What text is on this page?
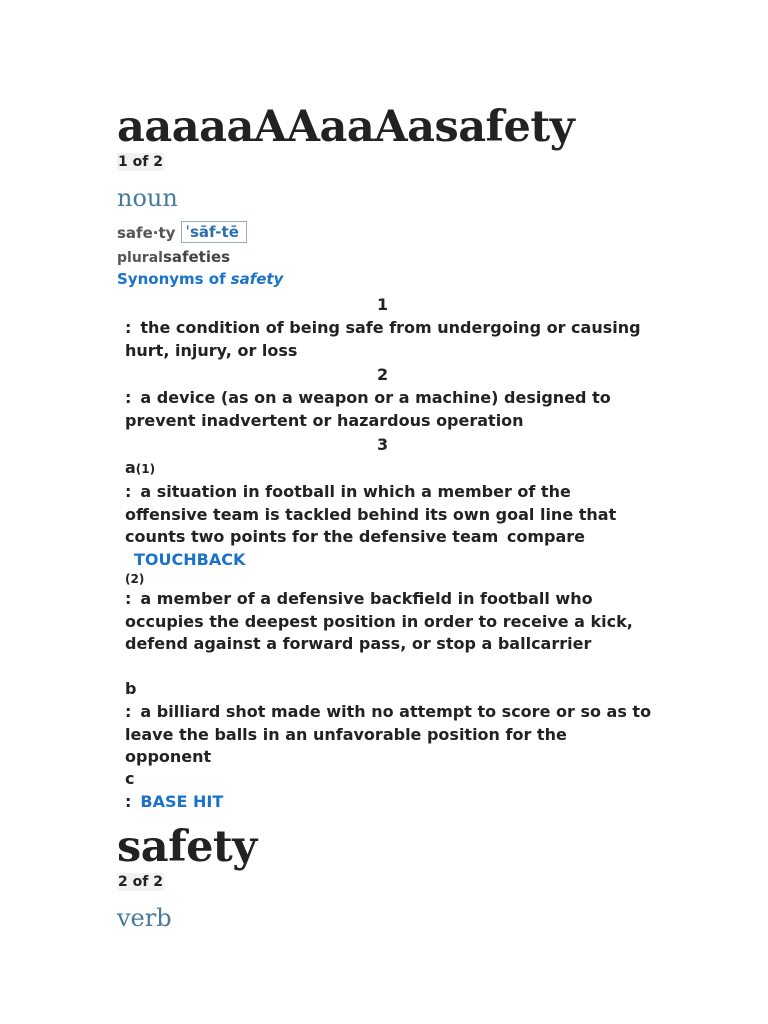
aaaaaAAaaAasafety
1 of 2
noun
safe·ty ˈsāf-tē
pluralsafeties
Synonyms of safety
1
: the condition of being safe from undergoing or causing hurt, injury, or loss
2
: a device (as on a weapon or a machine) designed to prevent inadvertent or hazardous operation
3
a(1)
: a situation in football in which a member of the offensive team is tackled behind its own goal line that counts two points for the defensive team compare TOUCHBACK
(2)
: a member of a defensive backfield in football who occupies the deepest position in order to receive a kick, defend against a forward pass, or stop a ballcarrier
b
: a billiard shot made with no attempt to score or so as to leave the balls in an unfavorable position for the opponent
c
: BASE HIT
safety
2 of 2
verb
